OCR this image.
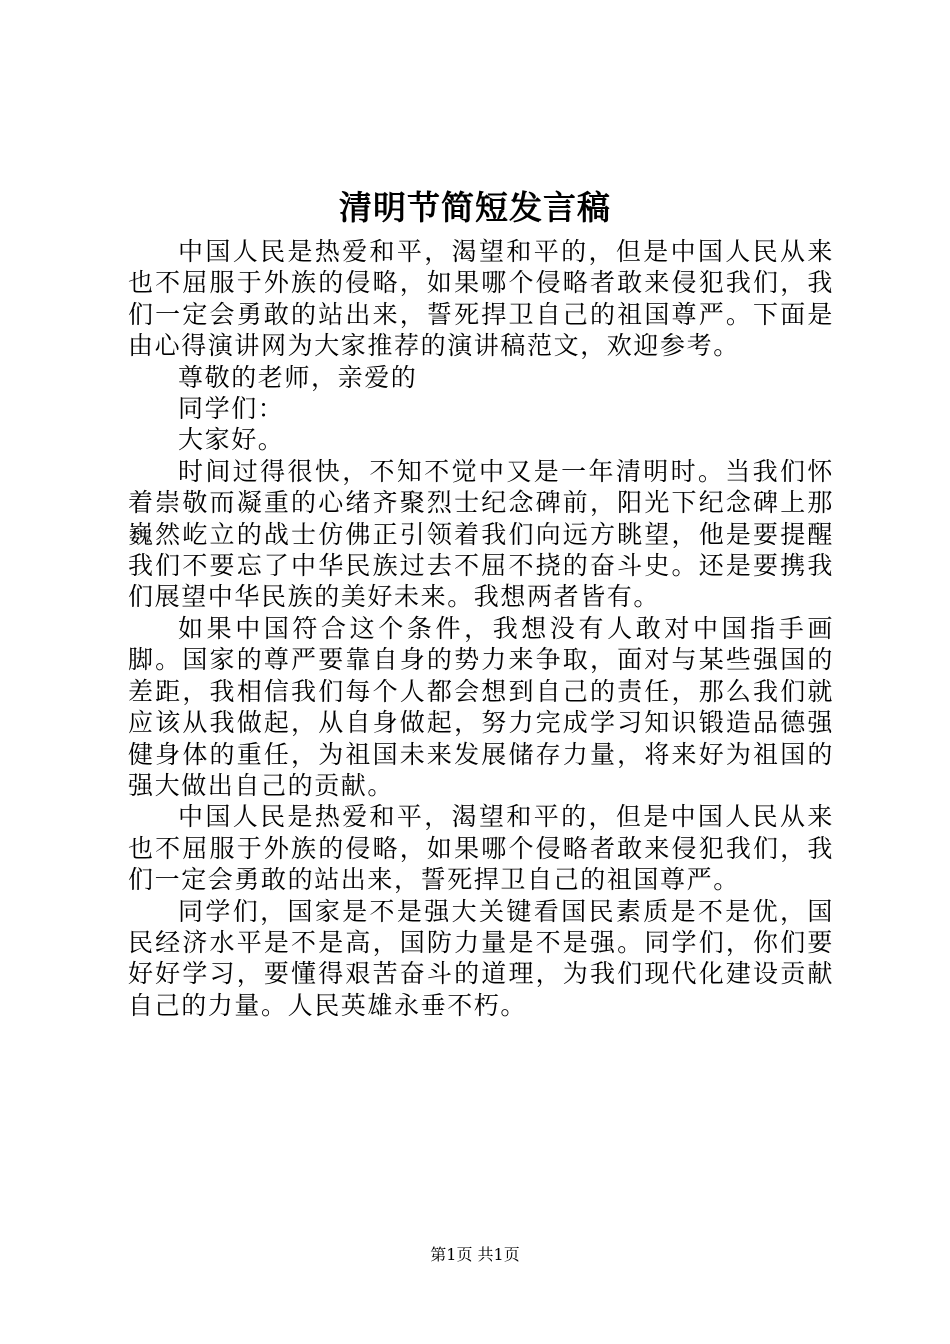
清明节简短发言稿

中国人民是热爱和平，渴望和平的，但是中国人民从来也不屈服于外族的侵略，如果哪个侵略者敢来侵犯我们，我们一定会勇敢的站出来，誓死捍卫自己的祖国尊严。下面是由心得演讲网为大家推荐的演讲稿范文，欢迎参考。

尊敬的老师，亲爱的

同学们：

大家好。

时间过得很快，不知不觉中又是一年清明时。当我们怀着崇敬而凝重的心绪齐聚烈士纪念碑前，阳光下纪念碑上那巍然屹立的战士仿佛正引领着我们向远方眺望，他是要提醒我们不要忘了中华民族过去不屈不挠的奋斗史。还是要携我们展望中华民族的美好未来。我想两者皆有。

如果中国符合这个条件，我想没有人敢对中国指手画脚。国家的尊严要靠自身的势力来争取，面对与某些强国的差距，我相信我们每个人都会想到自己的责任，那么我们就应该从我做起，从自身做起，努力完成学习知识锻造品德强健身体的重任，为祖国未来发展储存力量，将来好为祖国的强大做出自己的贡献。

中国人民是热爱和平，渴望和平的，但是中国人民从来也不屈服于外族的侵略，如果哪个侵略者敢来侵犯我们，我们一定会勇敢的站出来，誓死捍卫自己的祖国尊严。

同学们，国家是不是强大关键看国民素质是不是优，国民经济水平是不是高，国防力量是不是强。同学们，你们要好好学习，要懂得艰苦奋斗的道理，为我们现代化建设贡献自己的力量。人民英雄永垂不朽。

第1页 共1页
